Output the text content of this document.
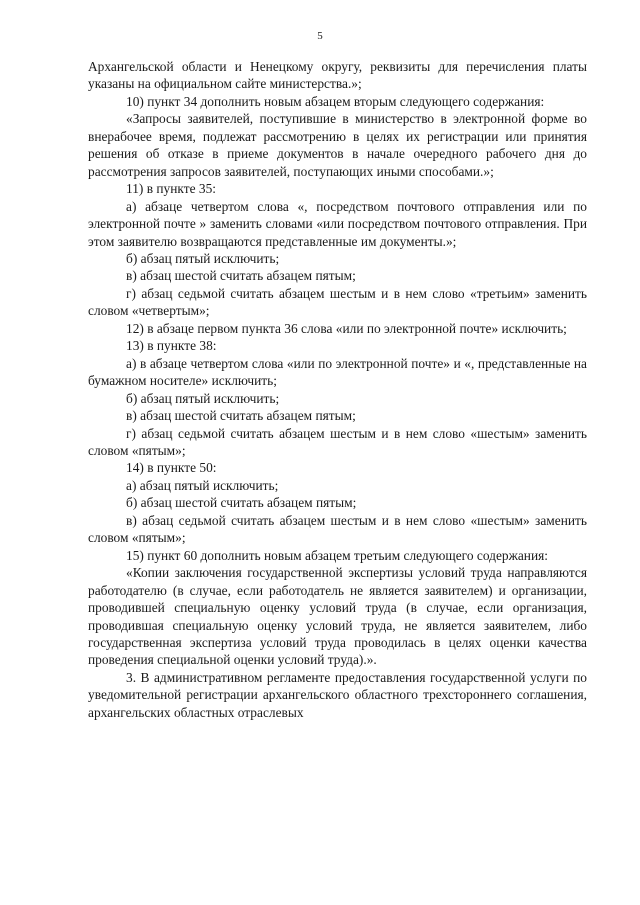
5

Архангельской области и Ненецкому округу, реквизиты для перечисления платы указаны на официальном сайте министерства.»;

10) пункт 34 дополнить новым абзацем вторым следующего содержания:

«Запросы заявителей, поступившие в министерство в электронной форме во внерабочее время, подлежат рассмотрению в целях их регистрации или принятия решения об отказе в приеме документов в начале очередного рабочего дня до рассмотрения запросов заявителей, поступающих иными способами.»;

11) в пункте 35:

а) абзаце четвертом слова «, посредством почтового отправления или по электронной почте » заменить словами «или посредством почтового отправления. При этом заявителю возвращаются представленные им документы.»;

б) абзац пятый исключить;

в) абзац шестой считать абзацем пятым;

г) абзац седьмой считать абзацем шестым и в нем слово «третьим» заменить словом «четвертым»;

12) в абзаце первом пункта 36 слова «или по электронной почте» исключить;

13) в пункте 38:

а) в абзаце четвертом слова «или по электронной почте» и «, представленные на бумажном носителе» исключить;

б) абзац пятый исключить;

в) абзац шестой считать абзацем пятым;

г) абзац седьмой считать абзацем шестым и в нем слово «шестым» заменить словом «пятым»;

14) в пункте 50:

а) абзац пятый исключить;

б) абзац шестой считать абзацем пятым;

в) абзац седьмой считать абзацем шестым и в нем слово «шестым» заменить словом «пятым»;

15) пункт 60 дополнить новым абзацем третьим следующего содержания:

«Копии заключения государственной экспертизы условий труда направляются работодателю (в случае, если работодатель не является заявителем) и организации, проводившей специальную оценку условий труда (в случае, если организация, проводившая специальную оценку условий труда, не является заявителем, либо государственная экспертиза условий труда проводилась в целях оценки качества проведения специальной оценки условий труда).».

3. В административном регламенте предоставления государственной услуги по уведомительной регистрации архангельского областного трехстороннего соглашения, архангельских областных отраслевых
